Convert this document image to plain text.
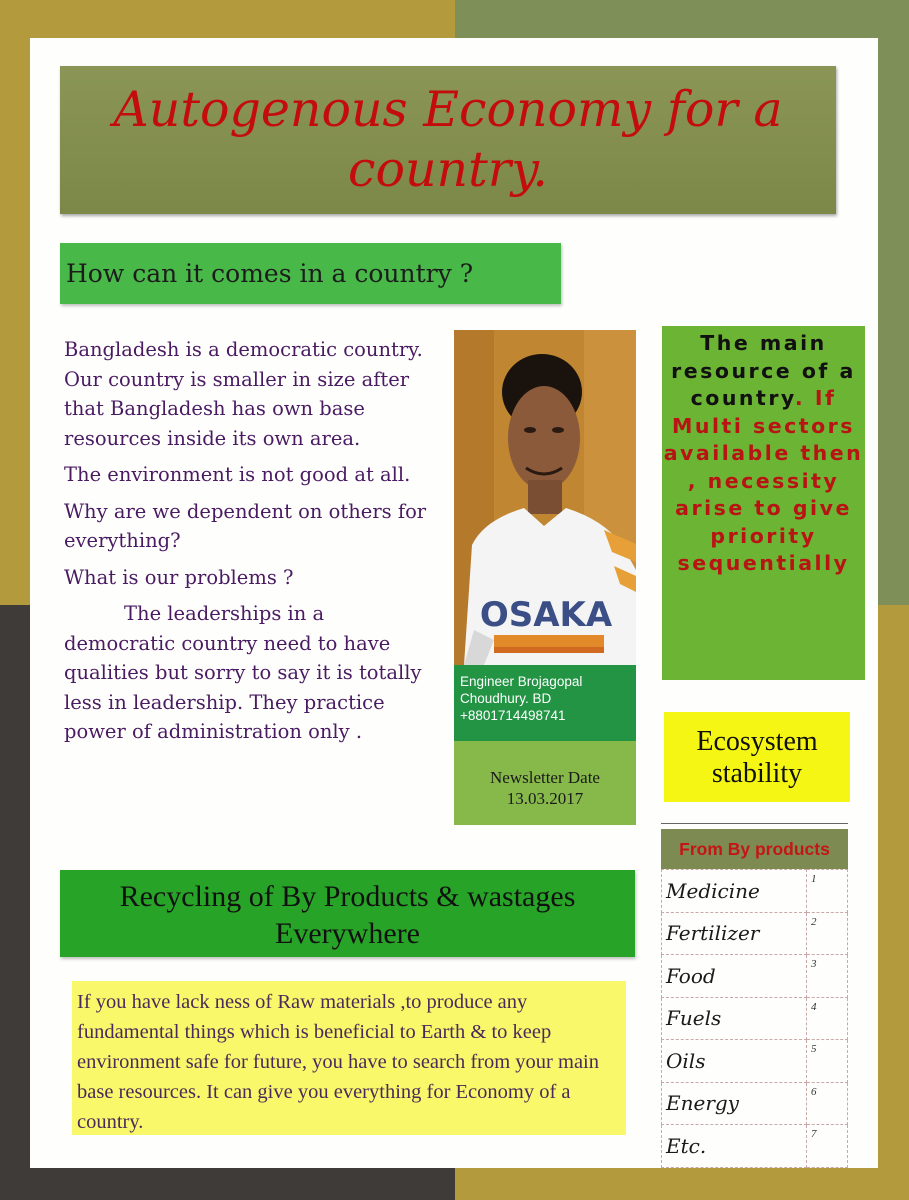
Autogenous Economy for a country.
How can it comes in a country ?

Bangladesh is a democratic country. Our country is smaller in size after that Bangladesh has own base resources inside its own area.

The environment is not good at all.

Why are we dependent on others for everything?

What is our problems ?

The leaderships in a democratic country need to have qualities but sorry to say it is totally less in leadership. They practice power of administration only .

OSAKA
Engineer Brojagopal
Choudhury. BD
+8801714498741
Newsletter Date
13.03.2017
The main resource of a country. If Multi sectors available then , necessity arise to give priority sequentially
Ecosystem stability
From By products
Medicine	1
Fertilizer	2
Food	3
Fuels	4
Oils	5
Energy	6
Etc.	7
Recycling of By Products & wastages Everywhere
If you have lack ness of Raw materials ,to produce any fundamental things which is beneficial to Earth & to keep environment safe for future, you have to search from your main base resources. It can give you everything for Economy of a country.
